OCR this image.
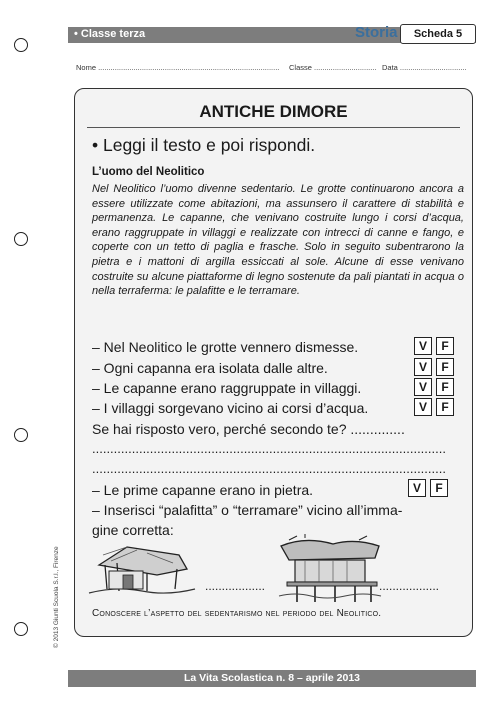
• Classe terza	Storia	Scheda 5
Nome ....................................................................................... Classe .............................. Data ................................
© 2013 Giunti Scuola S.r.l., Firenze
ANTICHE DIMORE
• Leggi il testo e poi rispondi.
L’uomo del Neolitico

Nel Neolitico l’uomo divenne sedentario. Le grotte continuarono ancora a essere utilizzate come abitazioni, ma assunsero il carattere di stabilità e permanenza. Le capanne, che venivano costruite lungo i corsi d’acqua, erano raggruppate in villaggi e realizzate con intrecci di canne e fango, e coperte con un tetto di paglia e frasche. Solo in seguito subentrarono la pietra e i mattoni di argilla essiccati al sole. Alcune di esse venivano costruite su alcune piattaforme di legno sostenute da pali piantati in acqua o nella terraferma: le palafitte e le terramare.

– Nel Neolitico le grotte vennero dismesse.	V	F
– Ogni capanna era isolata dalle altre.	V	F
– Le capanne erano raggruppate in villaggi.	V	F
– I villaggi sorgevano vicino ai corsi d’acqua.	V	F
Se hai risposto vero, perché secondo te? ..............
..................................................................................................
..................................................................................................
– Le prime capanne erano in pietra.	V	F
– Inserisci “palafitta” o “terramare” vicino all’imma-
gine corretta:
..................	..................
Conoscere l’aspetto del sedentarismo nel periodo del Neolitico.
La Vita Scolastica n. 8 – aprile 2013
